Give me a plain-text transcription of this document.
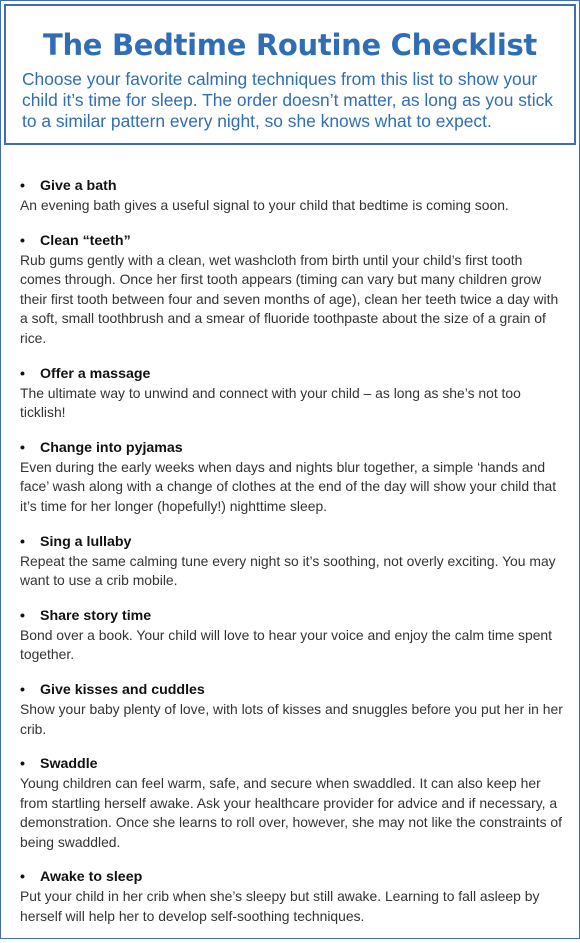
The Bedtime Routine Checklist

Choose your favorite calming techniques from this list to show your child it’s time for sleep. The order doesn’t matter, as long as you stick to a similar pattern every night, so she knows what to expect.

•	Give a bath

An evening bath gives a useful signal to your child that bedtime is coming soon.

•	Clean “teeth”

Rub gums gently with a clean, wet washcloth from birth until your child’s first tooth comes through. Once her first tooth appears (timing can vary but many children grow their first tooth between four and seven months of age), clean her teeth twice a day with a soft, small toothbrush and a smear of fluoride toothpaste about the size of a grain of rice.

•	Offer a massage

The ultimate way to unwind and connect with your child – as long as she’s not too ticklish!

•	Change into pyjamas

Even during the early weeks when days and nights blur together, a simple ‘hands and face’ wash along with a change of clothes at the end of the day will show your child that it’s time for her longer (hopefully!) nighttime sleep.

•	Sing a lullaby

Repeat the same calming tune every night so it’s soothing, not overly exciting. You may want to use a crib mobile.

•	Share story time

Bond over a book. Your child will love to hear your voice and enjoy the calm time spent together.

•	Give kisses and cuddles

Show your baby plenty of love, with lots of kisses and snuggles before you put her in her crib.

•	Swaddle

Young children can feel warm, safe, and secure when swaddled. It can also keep her from startling herself awake. Ask your healthcare provider for advice and if necessary, a demonstration. Once she learns to roll over, however, she may not like the constraints of being swaddled.

•	Awake to sleep

Put your child in her crib when she’s sleepy but still awake. Learning to fall asleep by herself will help her to develop self-soothing techniques.
